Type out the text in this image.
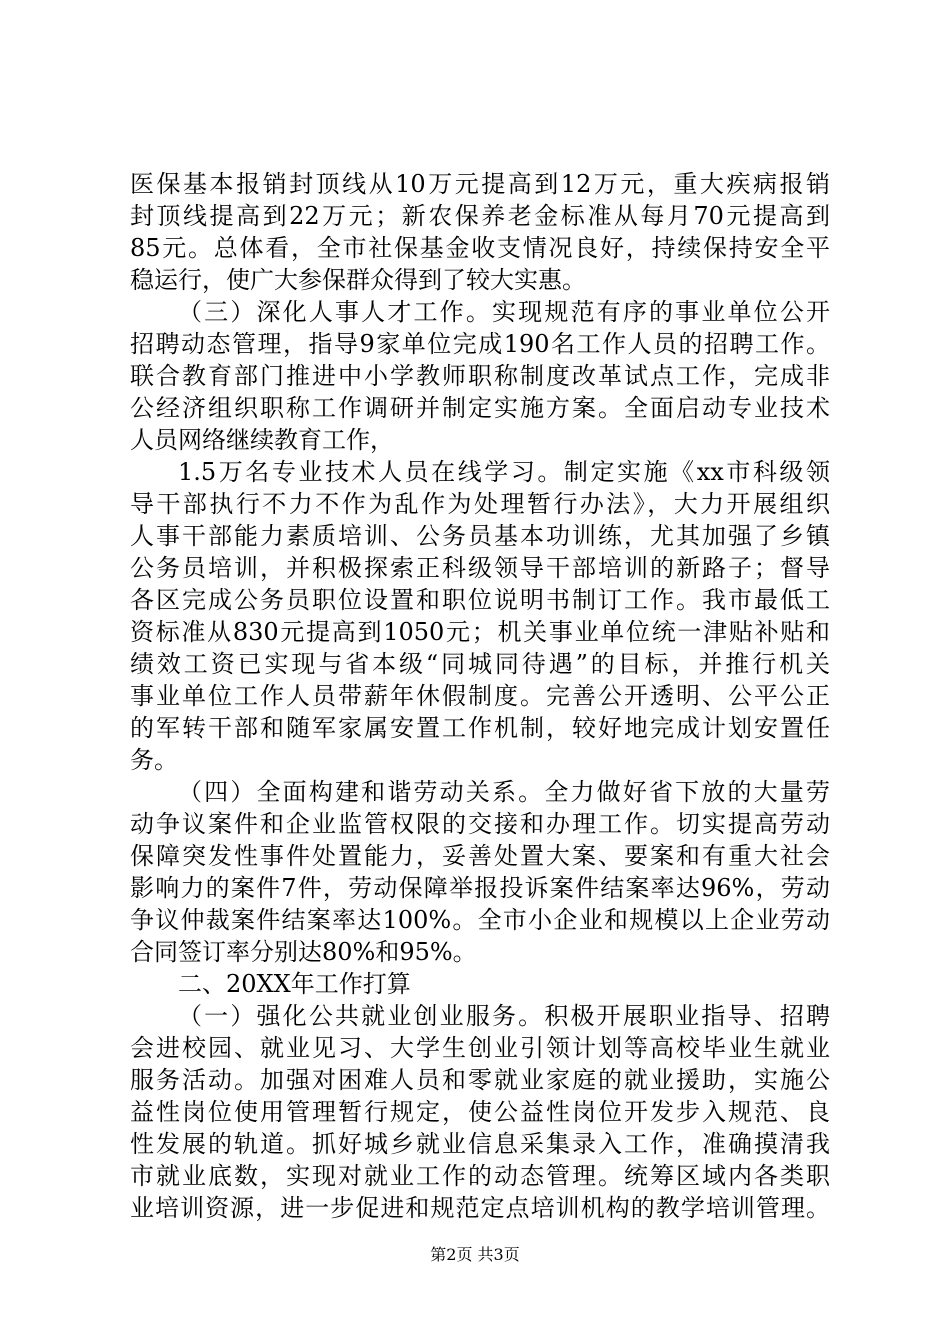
医保基本报销封顶线从10万元提高到12万元，重大疾病报销
封顶线提高到22万元；新农保养老金标准从每月70元提高到
85元。总体看，全市社保基金收支情况良好，持续保持安全平
稳运行，使广大参保群众得到了较大实惠。
（三）深化人事人才工作。实现规范有序的事业单位公开
招聘动态管理，指导9家单位完成190名工作人员的招聘工作。
联合教育部门推进中小学教师职称制度改革试点工作，完成非
公经济组织职称工作调研并制定实施方案。全面启动专业技术
人员网络继续教育工作，
1.5万名专业技术人员在线学习。制定实施《xx市科级领
导干部执行不力不作为乱作为处理暂行办法》，大力开展组织
人事干部能力素质培训、公务员基本功训练，尤其加强了乡镇
公务员培训，并积极探索正科级领导干部培训的新路子；督导
各区完成公务员职位设置和职位说明书制订工作。我市最低工
资标准从830元提高到1050元；机关事业单位统一津贴补贴和
绩效工资已实现与省本级“同城同待遇”的目标，并推行机关
事业单位工作人员带薪年休假制度。完善公开透明、公平公正
的军转干部和随军家属安置工作机制，较好地完成计划安置任
务。
（四）全面构建和谐劳动关系。全力做好省下放的大量劳
动争议案件和企业监管权限的交接和办理工作。切实提高劳动
保障突发性事件处置能力，妥善处置大案、要案和有重大社会
影响力的案件7件，劳动保障举报投诉案件结案率达96%，劳动
争议仲裁案件结案率达100%。全市小企业和规模以上企业劳动
合同签订率分别达80%和95%。
二、20XX年工作打算
（一）强化公共就业创业服务。积极开展职业指导、招聘
会进校园、就业见习、大学生创业引领计划等高校毕业生就业
服务活动。加强对困难人员和零就业家庭的就业援助，实施公
益性岗位使用管理暂行规定，使公益性岗位开发步入规范、良
性发展的轨道。抓好城乡就业信息采集录入工作，准确摸清我
市就业底数，实现对就业工作的动态管理。统筹区域内各类职
业培训资源，进一步促进和规范定点培训机构的教学培训管理。
第2页 共3页
